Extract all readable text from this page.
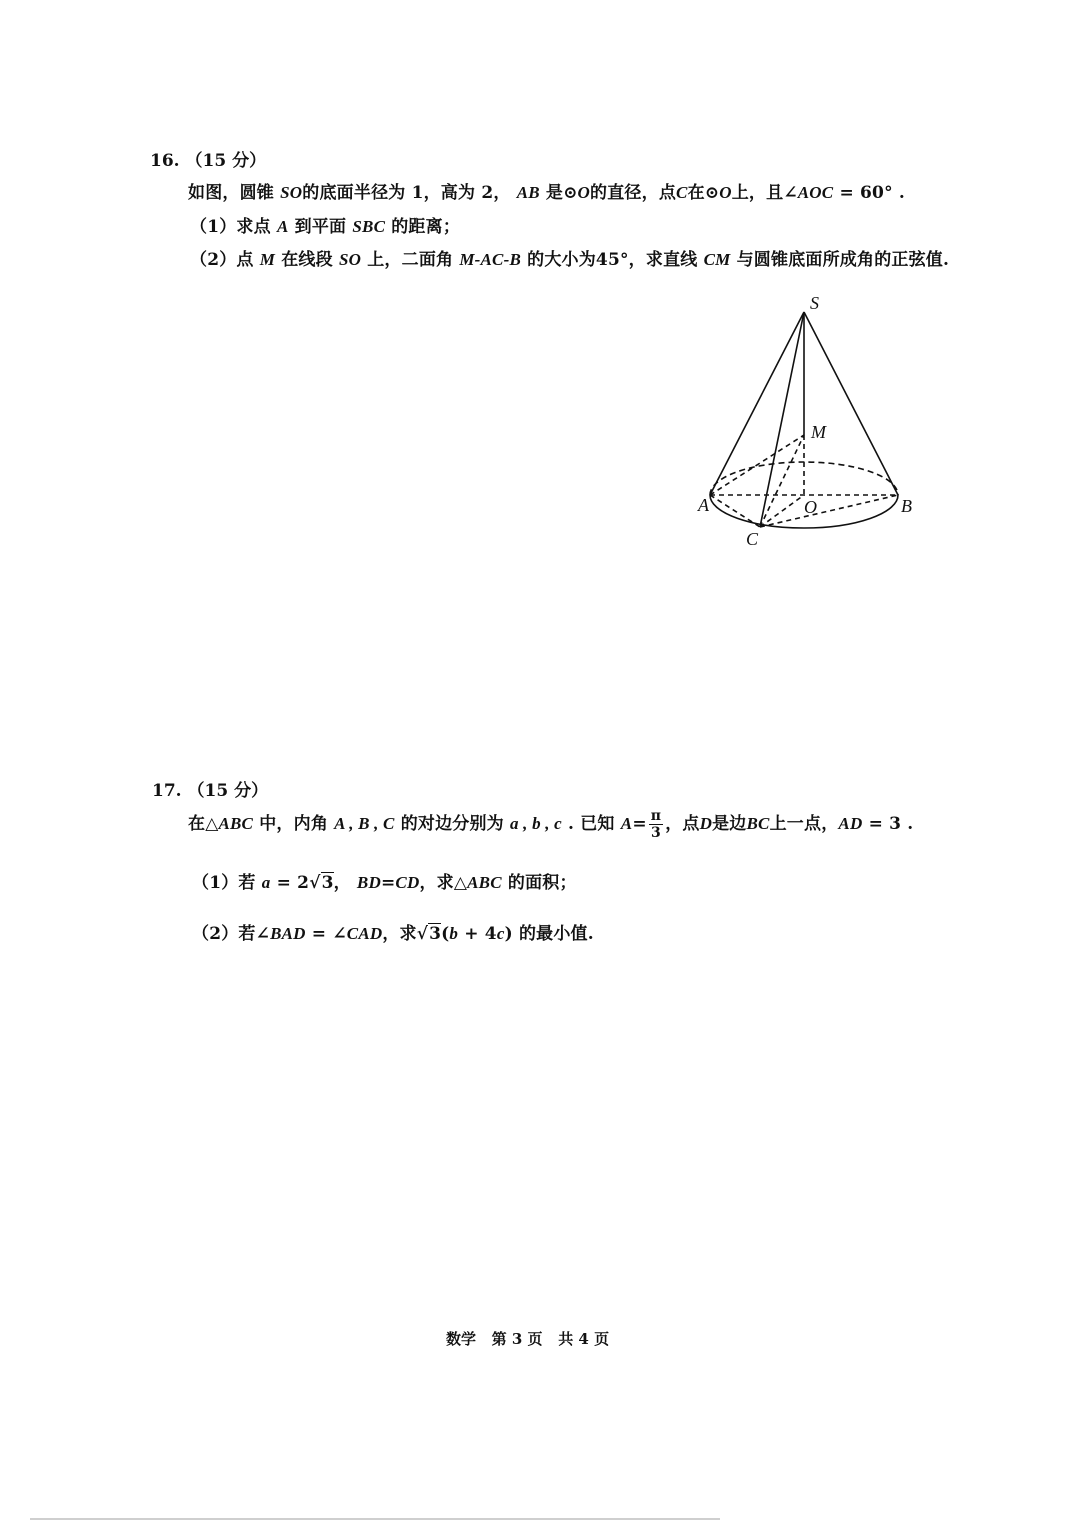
16. （15 分）
如图，圆锥 SO的底面半径为 1，高为 2， AB 是⊙O的直径，点C在⊙O上，且∠AOC = 60° .
（1）求点 A 到平面 SBC 的距离；
（2）点 M 在线段 SO 上，二面角 M-AC-B 的大小为45°，求直线 CM 与圆锥底面所成角的正弦值.
S
M
A	O	B
C
17. （15 分）
在△ABC 中，内角 A , B , C 的对边分别为 a , b , c . 已知 $A= \frac{\pi}{3}$ ，点D是边BC上一点，AD = 3 .
（1）若 a = 2√3， BD=CD，求△ABC 的面积；
（2）若∠BAD = ∠CAD，求√3(b + 4c) 的最小值.
数学   第 3 页   共 4 页
